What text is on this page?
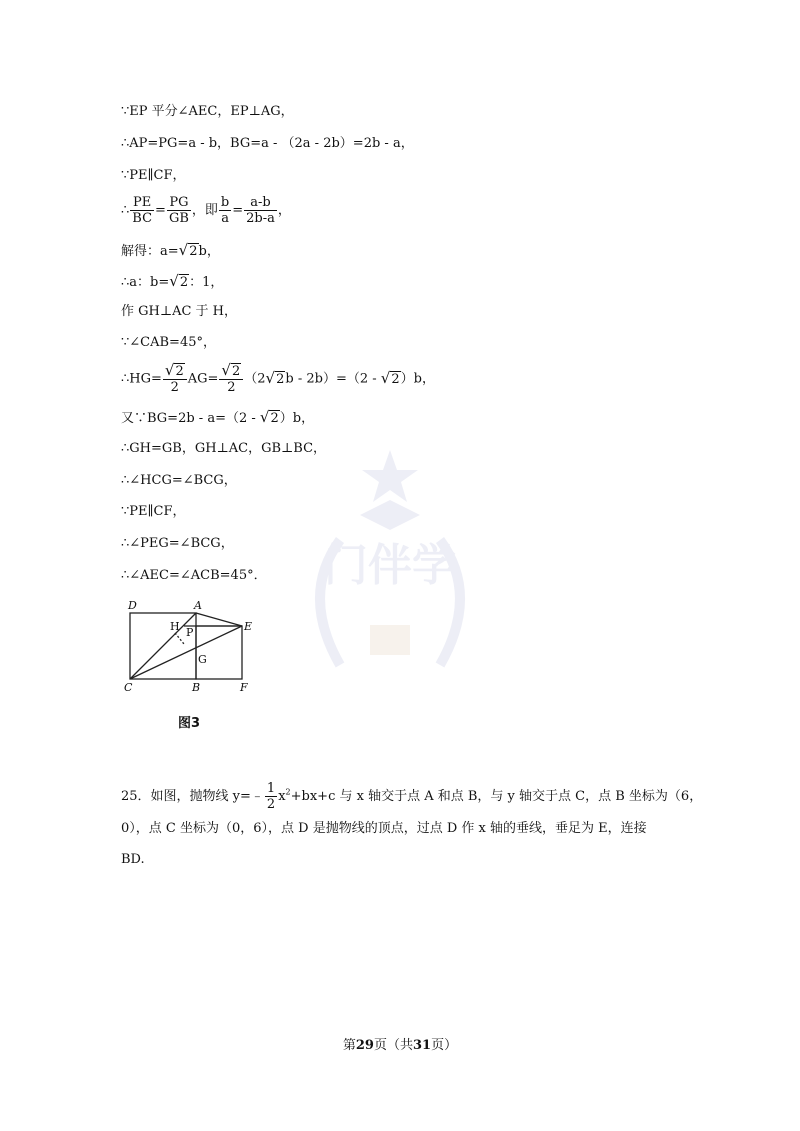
门伴学
∵EP 平分∠AEC，EP⊥AG，
∴AP=PG=a - b，BG=a - （2a - 2b）=2b - a，
∵PE∥CF，
∴ $\frac{PE}{BC} = \frac{PG}{GB}$ ，即 $\frac{b}{a} = \frac{a-b}{2b-a}$ ，
解得：a=√2b，
∴a：b=√2：1，
作 GH⊥AC 于 H，
∵∠CAB=45°，
∴HG= $\frac{√2}{2} AG= \frac{√2}{2} (2√2b - 2b)=(2 - √2)b$，
又∵BG=2b - a=（2 - √2）b，
∴GH=GB，GH⊥AC，GB⊥BC，
∴∠HCG=∠BCG，
∵PE∥CF，
∴∠PEG=∠BCG，
∴∠AEC=∠ACB=45°．
D	A
E
H P
G
C	B	F
图3
25．如图，抛物线 y=﹣ $\frac{1}{2} x^2+bx+c$ 与 x 轴交于点 A 和点 B，与 y 轴交于点 C，点 B 坐标为（6，
0），点 C 坐标为（0，6），点 D 是抛物线的顶点，过点 D 作 x 轴的垂线，垂足为 E，连接
BD.
第29页（共31页）
